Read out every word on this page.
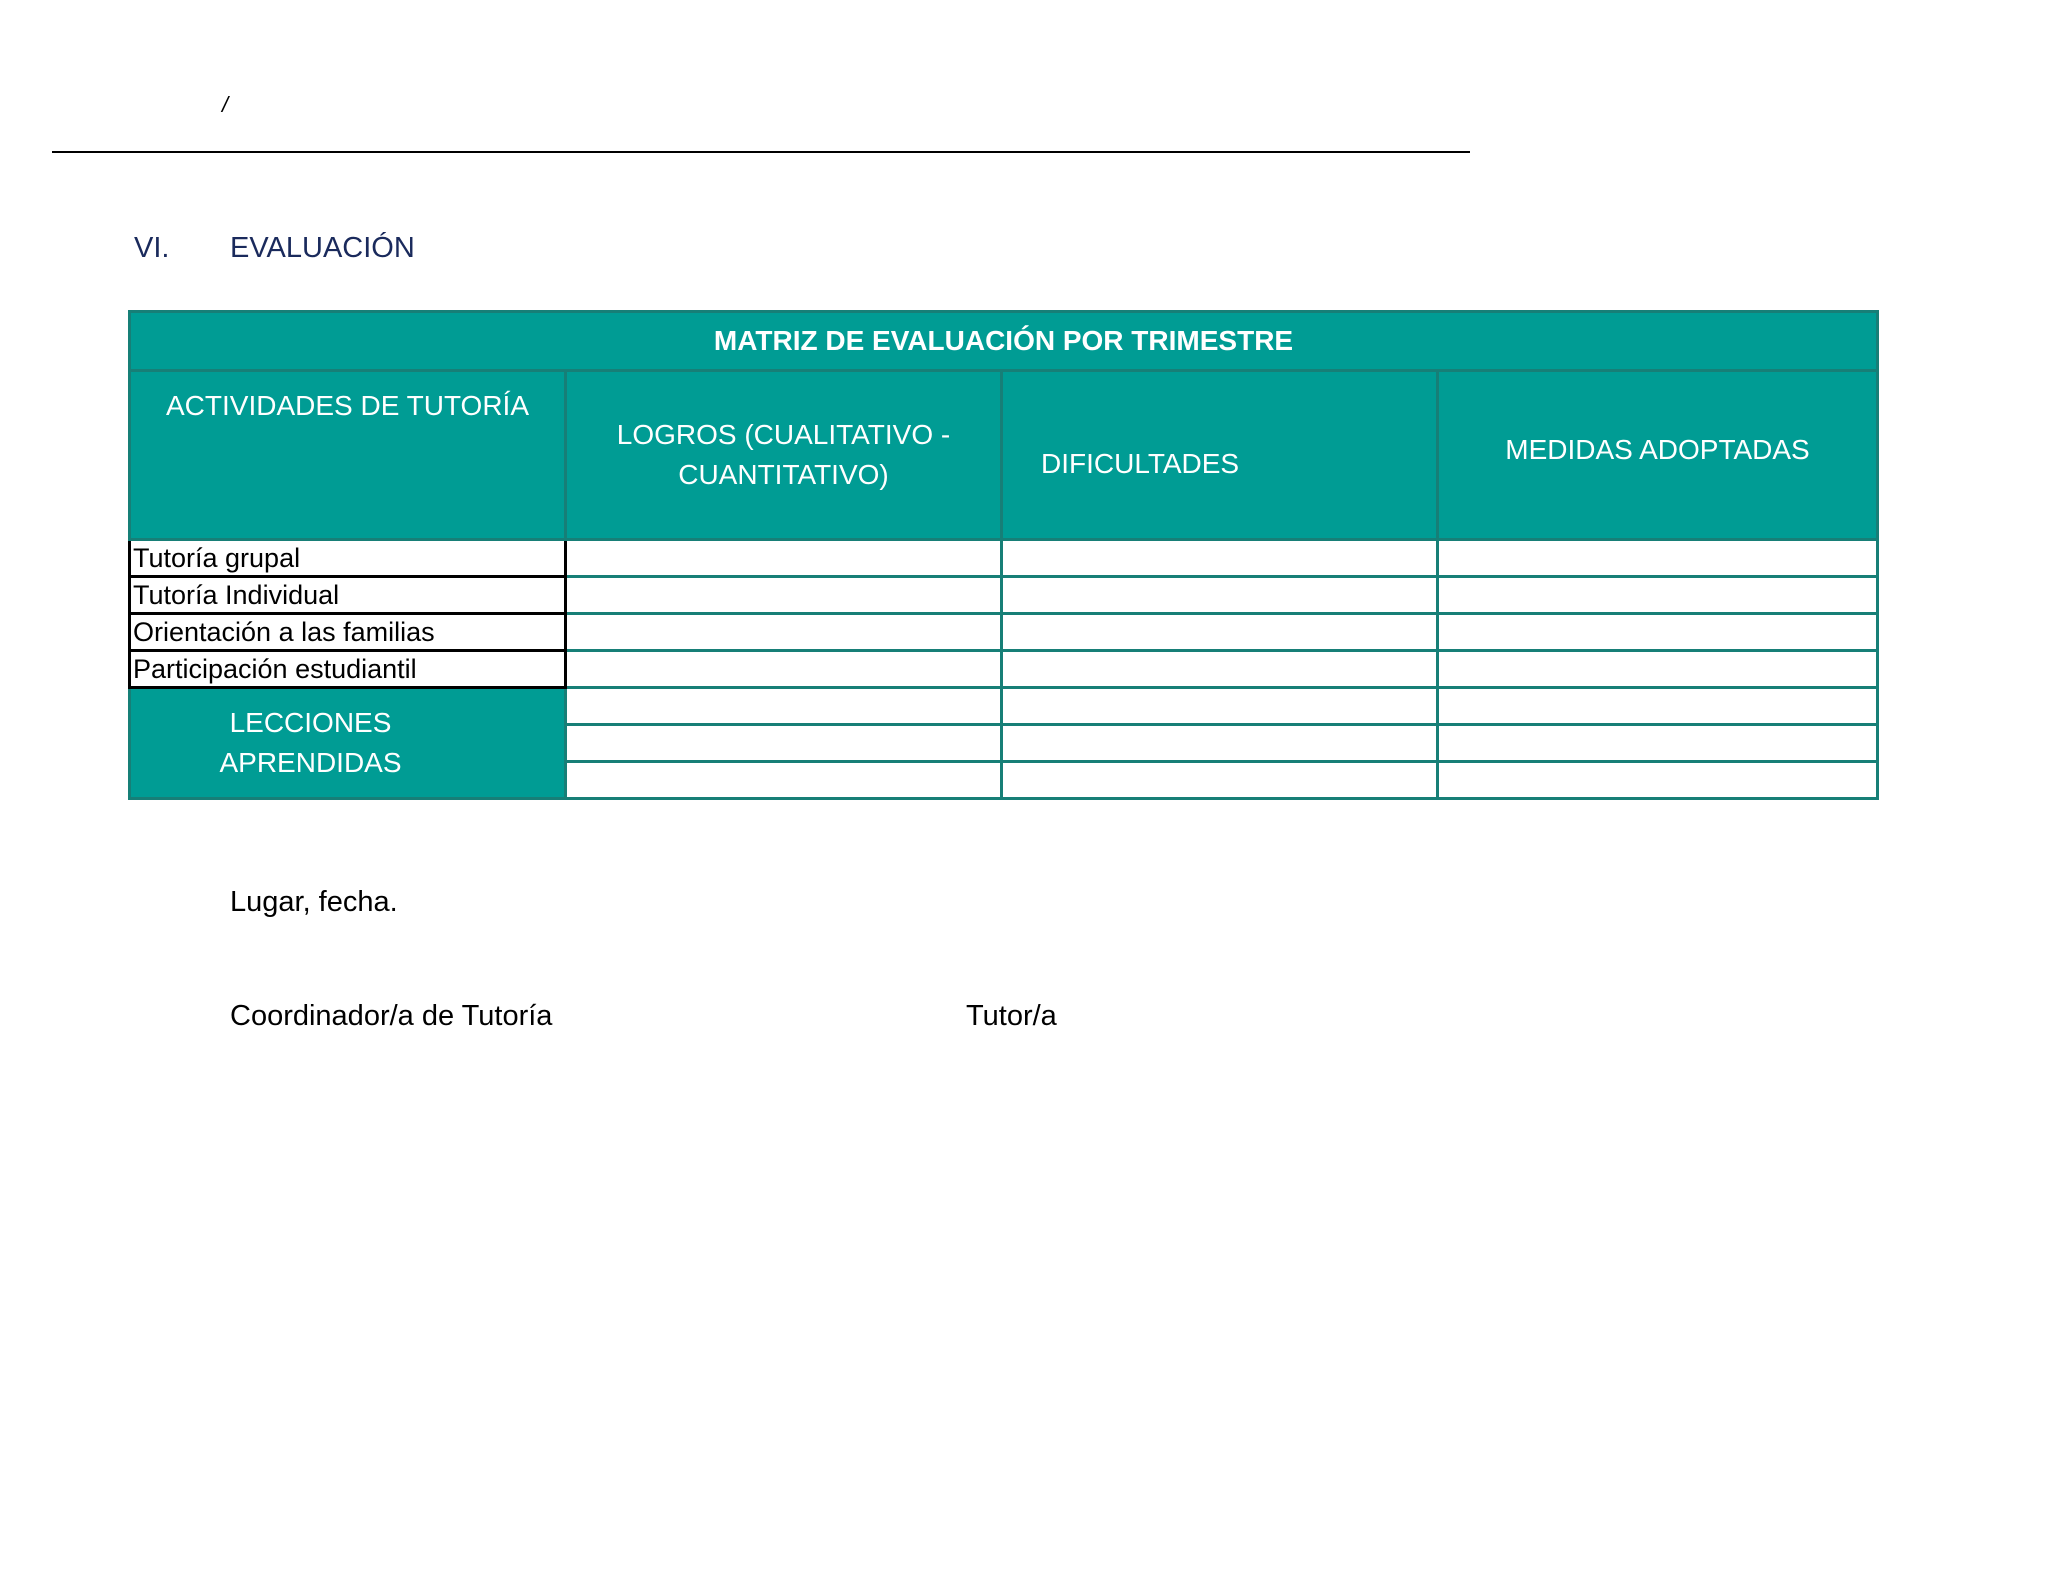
/
VI. EVALUACIÓN
MATRIZ DE EVALUACIÓN POR TRIMESTRE			
ACTIVIDADES DE TUTORÍA	LOGROS (CUALITATIVO -
CUANTITATIVO)	DIFICULTADES	MEDIDAS ADOPTADAS
Tutoría grupal			
Tutoría Individual			
Orientación a las familias			
Participación estudiantil			

LECCIONES
APRENDIDAS			

Lugar, fecha.
Coordinador/a de Tutoría	Tutor/a
